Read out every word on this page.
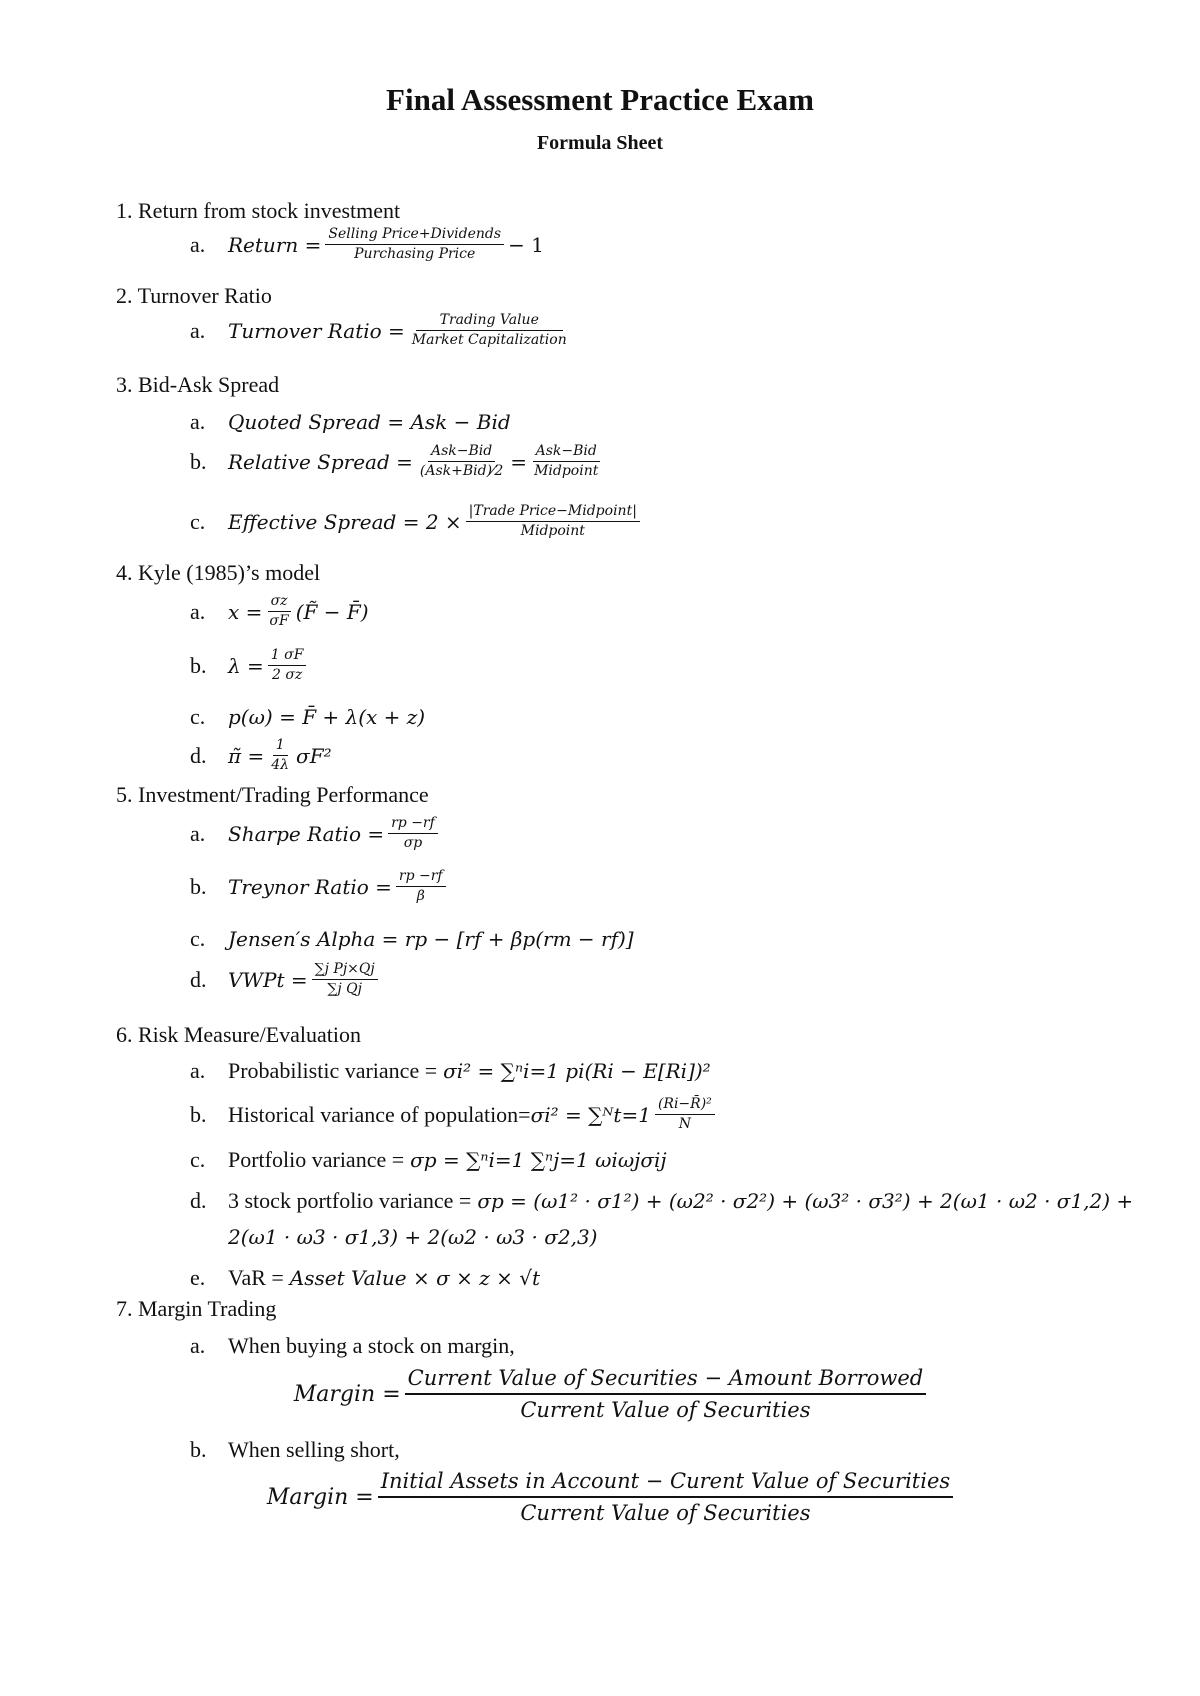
Final Assessment Practice Exam
Formula Sheet
1. Return from stock investment
a.	Return = $\frac{\text{Selling Price+Dividends}}{\text{Purchasing Price}} - 1$
2. Turnover Ratio
a.	Turnover Ratio = $\frac{\text{Trading Value}}{\text{Market Capitalization}}$
3. Bid-Ask Spread
a.	Quoted Spread = Ask − Bid
b.	Relative Spread = $\frac{\text{Ask−Bid}}{\text{(Ask+Bid)⁄2}} = \frac{\text{Ask−Bid}}{\text{Midpoint}}$
c.	Effective Spread = $2 \times \frac{\text{|Trade Price−Midpoint|}}{\text{Midpoint}}$
4. Kyle (1985)’s model
a.	$x = \frac{\sigma z}{\sigma F}$ (F̃ − F̄)
b.	$\lambda = \frac{1 \sigma F}{2 \sigma z}$
c.	p(ω) = F̄ + λ(x + z)
d.	π̃ = $\frac{1}{4\lambda} \sigma F^2$
5. Investment/Trading Performance
a.	Sharpe Ratio = $\frac{rp -rf}{\sigma p}$
b.	Treynor Ratio = $\frac{rp -rf}{\beta}$
c.	Jensen′s Alpha = rp − [rf + βp(rm − rf)]
d.	VWPt = $\frac{\text{∑j Pj×Qj}}{\text{∑j Qj}}$
6. Risk Measure/Evaluation
a.	Probabilistic variance = σi² = ∑ⁿi=1 pi(Ri − E[Ri])²
b. Historical variance of population= σi² = ∑ᴺt=1 $\frac{\text{(Ri−R̄)²}}{N}$
c.	Portfolio variance = σp = ∑ⁿi=1 ∑ⁿj=1 ωiωjσij
d. 3 stock portfolio variance = σp = (ω1² · σ1²) + (ω2² · σ2²) + (ω3² · σ3²) + 2(ω1 · ω2 · σ1,2) +
2(ω1 · ω3 · σ1,3) + 2(ω2 · ω3 · σ2,3)
e.	VaR = Asset Value × σ × z × √t
7. Margin Trading
a.	When buying a stock on margin,
Margin = $\frac{\text{Current Value of Securities − Amount Borrowed}}{\text{Current Value of Securities}}$
b. When selling short,
Margin = $\frac{\text{Initial Assets in Account − Curent Value of Securities}}{\text{Current Value of Securities}}$
